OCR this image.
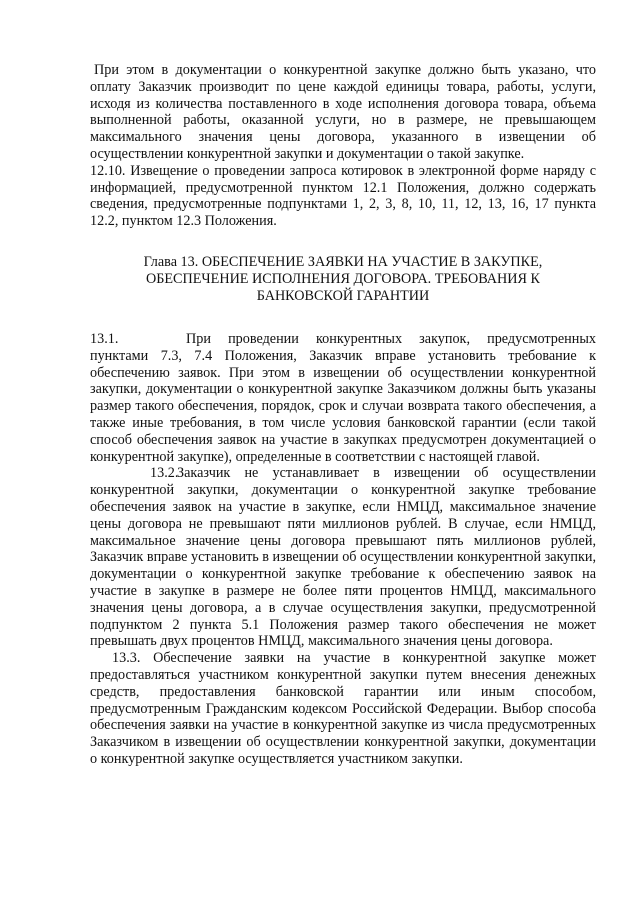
При этом в документации о конкурентной закупке должно быть указано, что оплату Заказчик производит по цене каждой единицы товара, работы, услуги, исходя из количества поставленного в ходе исполнения договора товара, объема выполненной работы, оказанной услуги, но в размере, не превышающем максимального значения цены договора, указанного в извещении об осуществлении конкурентной закупки и документации о такой закупке.

12.10. Извещение о проведении запроса котировок в электронной форме наряду с информацией, предусмотренной пунктом 12.1 Положения, должно содержать сведения, предусмотренные подпунктами 1, 2, 3, 8, 10, 11, 12, 13, 16, 17 пункта 12.2, пунктом 12.3 Положения.

Глава 13. ОБЕСПЕЧЕНИЕ ЗАЯВКИ НА УЧАСТИЕ В ЗАКУПКЕ,
ОБЕСПЕЧЕНИЕ ИСПОЛНЕНИЯ ДОГОВОРА. ТРЕБОВАНИЯ К
БАНКОВСКОЙ ГАРАНТИИ

13.1.	При проведении конкурентных закупок, предусмотренных пунктами 7.3, 7.4 Положения, Заказчик вправе установить требование к обеспечению заявок. При этом в извещении об осуществлении конкурентной закупки, документации о конкурентной закупке Заказчиком должны быть указаны размер такого обеспечения, порядок, срок и случаи возврата такого обеспечения, а также иные требования, в том числе условия банковской гарантии (если такой способ обеспечения заявок на участие в закупках предусмотрен документацией о конкурентной закупке), определенные в соответствии с настоящей главой.

13.2.Заказчик не устанавливает в извещении об осуществлении конкурентной закупки, документации о конкурентной закупке требование обеспечения заявок на участие в закупке, если НМЦД, максимальное значение цены договора не превышают пяти миллионов рублей. В случае, если НМЦД, максимальное значение цены договора превышают пять миллионов рублей, Заказчик вправе установить в извещении об осуществлении конкурентной закупки, документации о конкурентной закупке требование к обеспечению заявок на участие в закупке в размере не более пяти процентов НМЦД, максимального значения цены договора, а в случае осуществления закупки, предусмотренной подпунктом 2 пункта 5.1 Положения размер такого обеспечения не может превышать двух процентов НМЦД, максимального значения цены договора.

13.3. Обеспечение заявки на участие в конкурентной закупке может предоставляться участником конкурентной закупки путем внесения денежных средств, предоставления банковской гарантии или иным способом, предусмотренным Гражданским кодексом Российской Федерации. Выбор способа обеспечения заявки на участие в конкурентной закупке из числа предусмотренных Заказчиком в извещении об осуществлении конкурентной закупки, документации о конкурентной закупке осуществляется участником закупки.
